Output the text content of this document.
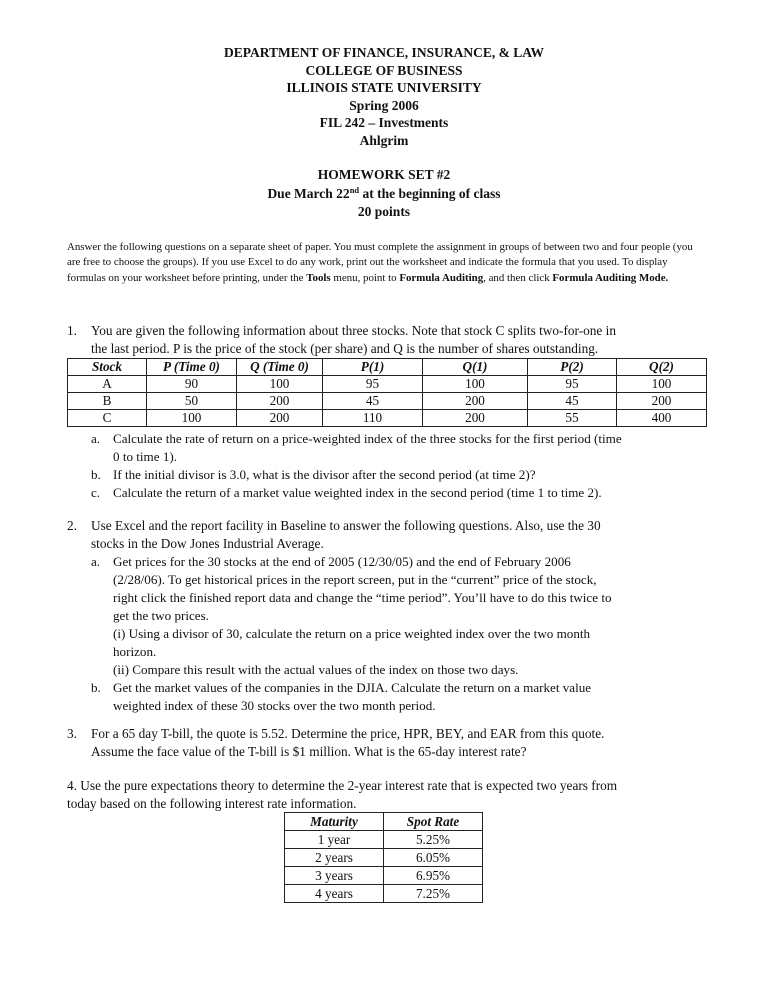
DEPARTMENT OF FINANCE, INSURANCE, & LAW
COLLEGE OF BUSINESS
ILLINOIS STATE UNIVERSITY
Spring 2006
FIL 242 – Investments
Ahlgrim
HOMEWORK SET #2
Due March 22nd at the beginning of class
20 points
Answer the following questions on a separate sheet of paper. You must complete the assignment in groups of between two and four people (you are free to choose the groups). If you use Excel to do any work, print out the worksheet and indicate the formula that you used. To display formulas on your worksheet before printing, under the Tools menu, point to Formula Auditing, and then click Formula Auditing Mode.
1. You are given the following information about three stocks. Note that stock C splits two-for-one in
the last period. P is the price of the stock (per share) and Q is the number of shares outstanding.
Stock	P (Time 0)	Q (Time 0)	P(1)	Q(1)	P(2)	Q(2)
A	90	100	95	100	95	100
B	50	200	45	200	45	200
C	100	200	110	200	55	400
a. Calculate the rate of return on a price-weighted index of the three stocks for the first period (time
0 to time 1).
b. If the initial divisor is 3.0, what is the divisor after the second period (at time 2)?
c. Calculate the return of a market value weighted index in the second period (time 1 to time 2).
2. Use Excel and the report facility in Baseline to answer the following questions. Also, use the 30
stocks in the Dow Jones Industrial Average.
a. Get prices for the 30 stocks at the end of 2005 (12/30/05) and the end of February 2006
(2/28/06). To get historical prices in the report screen, put in the “current” price of the stock,
right click the finished report data and change the “time period”. You’ll have to do this twice to
get the two prices.
(i) Using a divisor of 30, calculate the return on a price weighted index over the two month
horizon.
(ii) Compare this result with the actual values of the index on those two days.
b. Get the market values of the companies in the DJIA. Calculate the return on a market value
weighted index of these 30 stocks over the two month period.
3. For a 65 day T-bill, the quote is 5.52. Determine the price, HPR, BEY, and EAR from this quote.
Assume the face value of the T-bill is $1 million. What is the 65-day interest rate?
4. Use the pure expectations theory to determine the 2-year interest rate that is expected two years from
today based on the following interest rate information.
Maturity	Spot Rate
1 year	5.25%
2 years	6.05%
3 years	6.95%
4 years	7.25%
